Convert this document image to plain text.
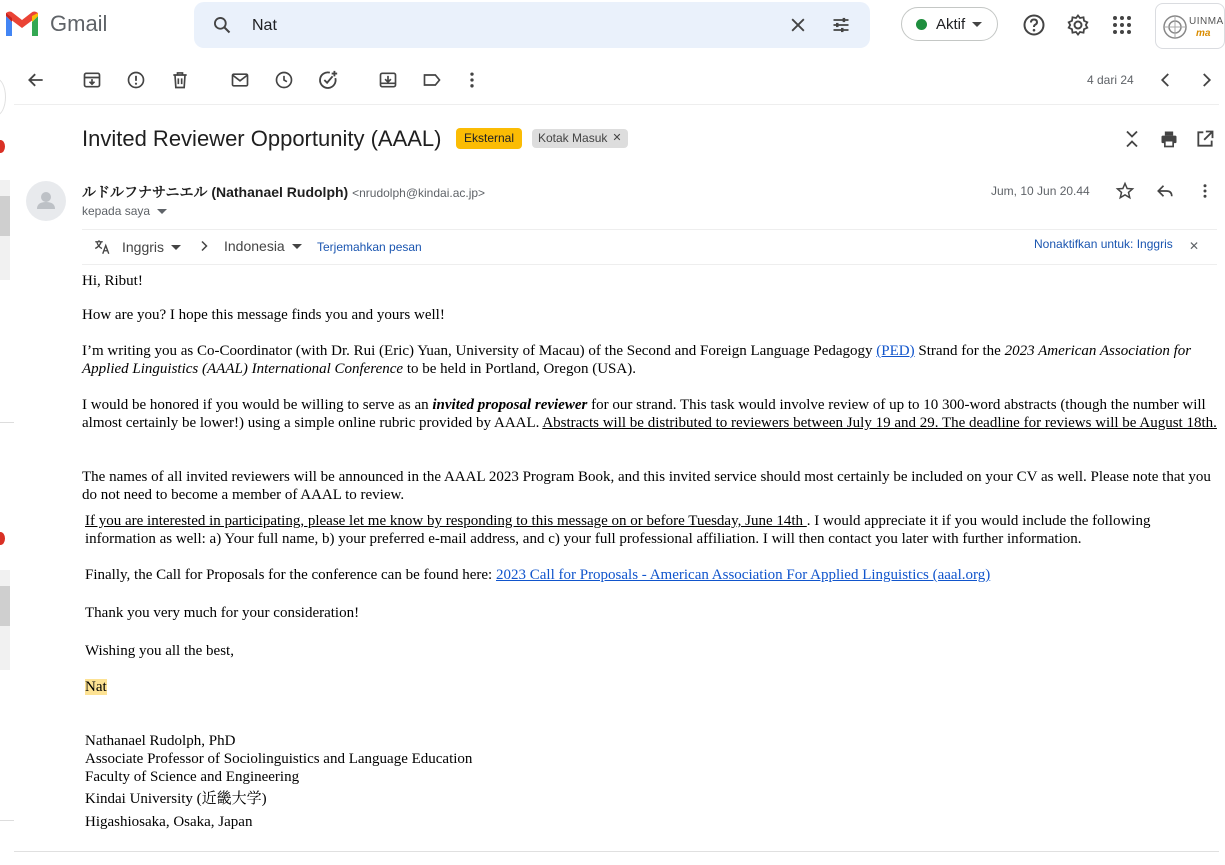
Gmail
Nat	Aktif	UINMA
ma
4 dari 24
Invited Reviewer Opportunity (AAAL)	Eksternal	Kotak Masuk ✕
ルドルフナサニエル (Nathanael Rudolph) <nrudolph@kindai.ac.jp>
kepada saya
Jum, 10 Jun 20.44
Inggris	Indonesia	Terjemahkan pesan	Nonaktifkan untuk: Inggris ✕

Hi, Ribut!

How are you? I hope this message finds you and yours well!

I’m writing you as Co-Coordinator (with Dr. Rui (Eric) Yuan, University of Macau) of the Second and Foreign Language Pedagogy (PED) Strand for the 2023 American Association for Applied Linguistics (AAAL) International Conference to be held in Portland, Oregon (USA).

I would be honored if you would be willing to serve as an invited proposal reviewer for our strand. This task would involve review of up to 10 300-word abstracts (though the number will almost certainly be lower!) using a simple online rubric provided by AAAL. Abstracts will be distributed to reviewers between July 19 and 29. The deadline for reviews will be August 18th.

The names of all invited reviewers will be announced in the AAAL 2023 Program Book, and this invited service should most certainly be included on your CV as well. Please note that you do not need to become a member of AAAL to review.

If you are interested in participating, please let me know by responding to this message on or before Tuesday, June 14th . I would appreciate it if you would include the following information as well: a) Your full name, b) your preferred e-mail address, and c) your full professional affiliation. I will then contact you later with further information.

Finally, the Call for Proposals for the conference can be found here: 2023 Call for Proposals - American Association For Applied Linguistics (aaal.org)

Thank you very much for your consideration!

Wishing you all the best,

Nat

Nathanael Rudolph, PhD

Associate Professor of Sociolinguistics and Language Education

Faculty of Science and Engineering

Kindai University (近畿大学)

Higashiosaka, Osaka, Japan
